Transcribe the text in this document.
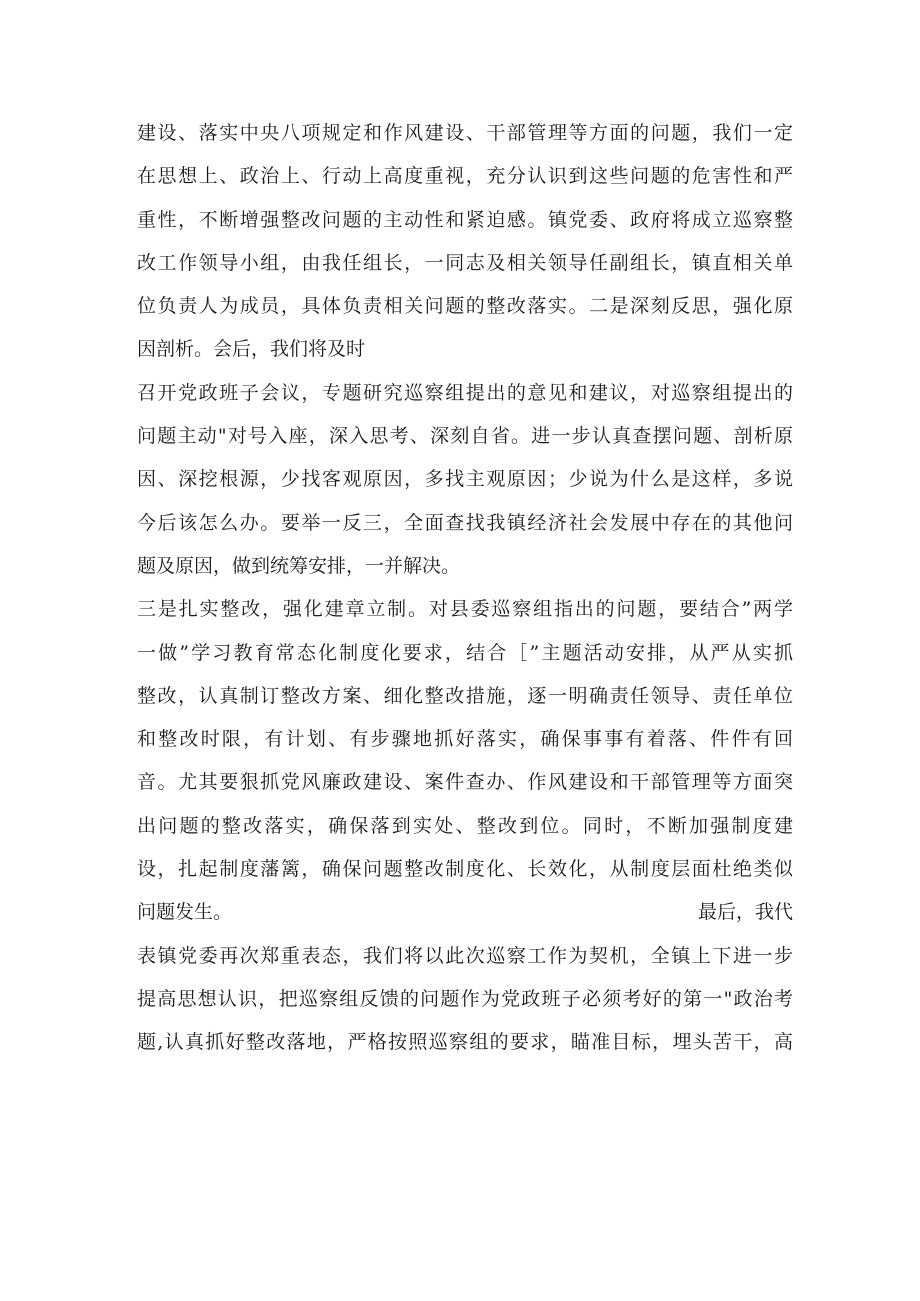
建设、落实中央八项规定和作风建设、干部管理等方面的问题，我们一定
在思想上、政治上、行动上高度重视，充分认识到这些问题的危害性和严
重性，不断增强整改问题的主动性和紧迫感。镇党委、政府将成立巡察整
改工作领导小组，由我任组长，一同志及相关领导任副组长，镇直相关单
位负责人为成员，具体负责相关问题的整改落实。二是深刻反思，强化原
因剖析。会后，我们将及时
召开党政班子会议，专题研究巡察组提出的意见和建议，对巡察组提出的
问题主动"对号入座，深入思考、深刻自省。进一步认真查摆问题、剖析原
因、深挖根源，少找客观原因，多找主观原因；少说为什么是这样，多说
今后该怎么办。要举一反三，全面查找我镇经济社会发展中存在的其他问
题及原因，做到统筹安排，一并解决。
三是扎实整改，强化建章立制。对县委巡察组指出的问题，要结合”两学
一做”学习教育常态化制度化要求，结合［”主题活动安排，从严从实抓
整改，认真制订整改方案、细化整改措施，逐一明确责任领导、责任单位
和整改时限，有计划、有步骤地抓好落实，确保事事有着落、件件有回
音。尤其要狠抓党风廉政建设、案件查办、作风建设和干部管理等方面突
出问题的整改落实，确保落到实处、整改到位。同时，不断加强制度建
设，扎起制度藩篱，确保问题整改制度化、长效化，从制度层面杜绝类似
问题发生。	最后，我代
表镇党委再次郑重表态，我们将以此次巡察工作为契机，全镇上下进一步
提高思想认识，把巡察组反馈的问题作为党政班子必须考好的第一"政治考
题,认真抓好整改落地，严格按照巡察组的要求，瞄准目标，埋头苦干，高
